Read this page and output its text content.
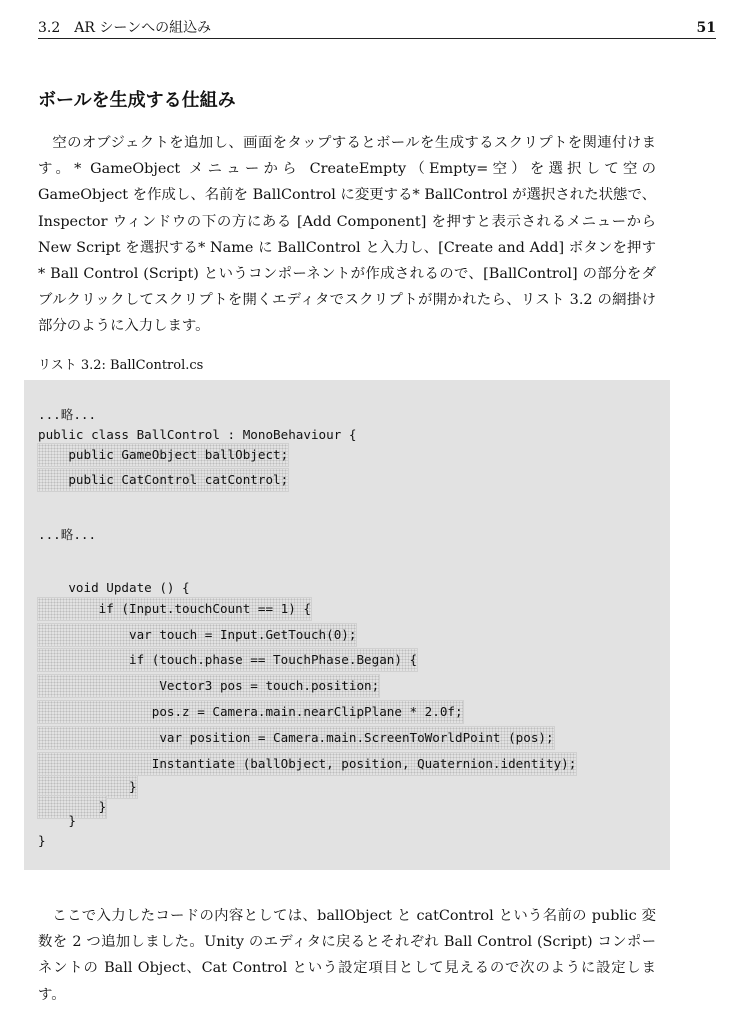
3.2　AR シーンへの組込み	51
ボールを生成する仕組み

空のオブジェクトを追加し、画面をタップするとボールを生成するスクリプトを関連付けます。* GameObject メニューから CreateEmpty（Empty=空）を選択して空の GameObject を作成し、名前を BallControl に変更する* BallControl が選択された状態で、Inspector ウィンドウの下の方にある [Add Component] を押すと表示されるメニューから New Script を選択する* Name に BallControl と入力し、[Create and Add] ボタンを押す* Ball Control (Script) というコンポーネントが作成されるので、[BallControl] の部分をダブルクリックしてスクリプトを開くエディタでスクリプトが開かれたら、リスト 3.2 の網掛け部分のように入力します。

リスト 3.2: BallControl.cs

...略...
public class BallControl : MonoBehaviour {
public GameObject ballObject;
public CatControl catControl;
...略...
void Update () {
if (Input.touchCount == 1) {
var touch = Input.GetTouch(0);
if (touch.phase == TouchPhase.Began) {
Vector3 pos = touch.position;
pos.z = Camera.main.nearClipPlane * 2.0f;
var position = Camera.main.ScreenToWorldPoint (pos);
Instantiate (ballObject, position, Quaternion.identity);
}
}
}
}

ここで入力したコードの内容としては、ballObject と catControl という名前の public 変数を 2 つ追加しました。Unity のエディタに戻るとそれぞれ Ball Control (Script) コンポーネントの Ball Object、Cat Control という設定項目として見えるので次のように設定します。
